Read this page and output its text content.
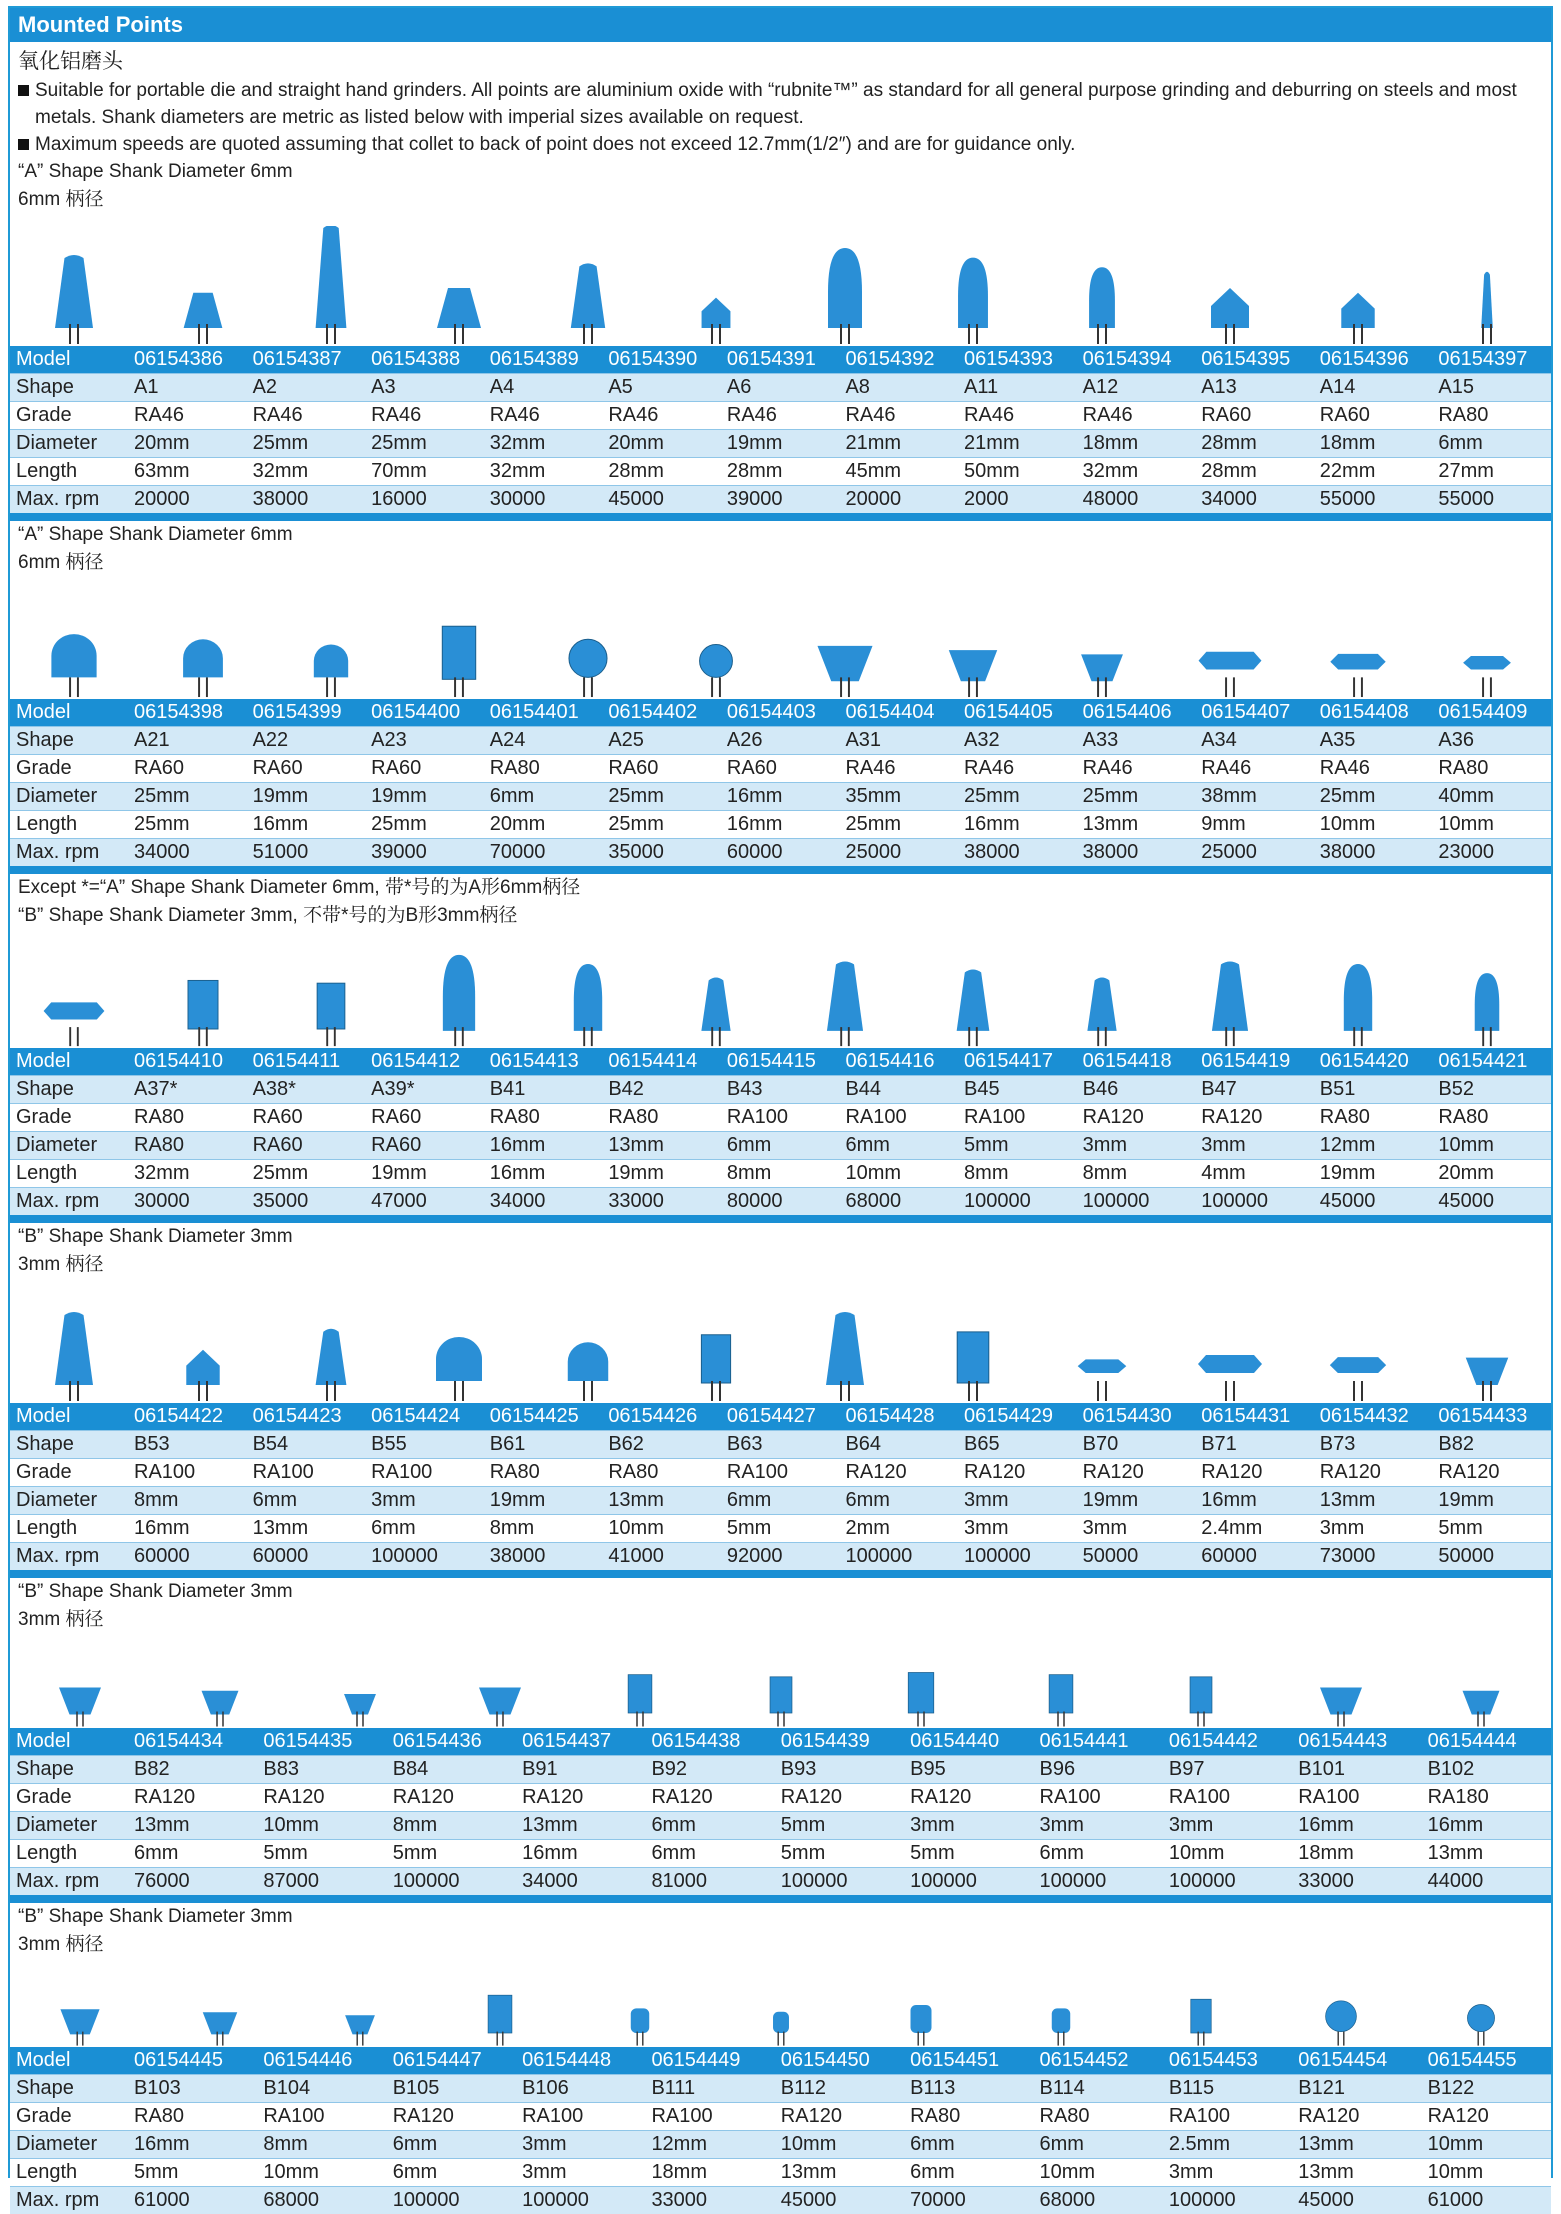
Mounted Points
氧化铝磨头
Suitable for portable die and straight hand grinders. All points are aluminium oxide with “rubnite™” as standard for all general purpose grinding and deburring on steels and most metals. Shank diameters are metric as listed below with imperial sizes available on request.
Maximum speeds are quoted assuming that collet to back of point does not exceed 12.7mm(1/2″) and are for guidance only.
“A” Shape Shank Diameter 6mm
6mm 柄径
Model	06154386	06154387	06154388	06154389	06154390	06154391	06154392	06154393	06154394	06154395	06154396	06154397
Shape	A1	A2	A3	A4	A5	A6	A8	A11	A12	A13	A14	A15
Grade	RA46	RA46	RA46	RA46	RA46	RA46	RA46	RA46	RA46	RA60	RA60	RA80
Diameter	20mm	25mm	25mm	32mm	20mm	19mm	21mm	21mm	18mm	28mm	18mm	6mm
Length	63mm	32mm	70mm	32mm	28mm	28mm	45mm	50mm	32mm	28mm	22mm	27mm
Max. rpm	20000	38000	16000	30000	45000	39000	20000	2000	48000	34000	55000	55000
“A” Shape Shank Diameter 6mm
6mm 柄径
Model	06154398	06154399	06154400	06154401	06154402	06154403	06154404	06154405	06154406	06154407	06154408	06154409
Shape	A21	A22	A23	A24	A25	A26	A31	A32	A33	A34	A35	A36
Grade	RA60	RA60	RA60	RA80	RA60	RA60	RA46	RA46	RA46	RA46	RA46	RA80
Diameter	25mm	19mm	19mm	6mm	25mm	16mm	35mm	25mm	25mm	38mm	25mm	40mm
Length	25mm	16mm	25mm	20mm	25mm	16mm	25mm	16mm	13mm	9mm	10mm	10mm
Max. rpm	34000	51000	39000	70000	35000	60000	25000	38000	38000	25000	38000	23000
Except *=“A” Shape Shank Diameter 6mm, 带*号的为A形6mm柄径
“B” Shape Shank Diameter 3mm, 不带*号的为B形3mm柄径
Model	06154410	06154411	06154412	06154413	06154414	06154415	06154416	06154417	06154418	06154419	06154420	06154421
Shape	A37*	A38*	A39*	B41	B42	B43	B44	B45	B46	B47	B51	B52
Grade	RA80	RA60	RA60	RA80	RA80	RA100	RA100	RA100	RA120	RA120	RA80	RA80
Diameter	RA80	RA60	RA60	16mm	13mm	6mm	6mm	5mm	3mm	3mm	12mm	10mm
Length	32mm	25mm	19mm	16mm	19mm	8mm	10mm	8mm	8mm	4mm	19mm	20mm
Max. rpm	30000	35000	47000	34000	33000	80000	68000	100000	100000	100000	45000	45000
“B” Shape Shank Diameter 3mm
3mm 柄径
Model	06154422	06154423	06154424	06154425	06154426	06154427	06154428	06154429	06154430	06154431	06154432	06154433
Shape	B53	B54	B55	B61	B62	B63	B64	B65	B70	B71	B73	B82
Grade	RA100	RA100	RA100	RA80	RA80	RA100	RA120	RA120	RA120	RA120	RA120	RA120
Diameter	8mm	6mm	3mm	19mm	13mm	6mm	6mm	3mm	19mm	16mm	13mm	19mm
Length	16mm	13mm	6mm	8mm	10mm	5mm	2mm	3mm	3mm	2.4mm	3mm	5mm
Max. rpm	60000	60000	100000	38000	41000	92000	100000	100000	50000	60000	73000	50000
“B” Shape Shank Diameter 3mm
3mm 柄径
Model	06154434	06154435	06154436	06154437	06154438	06154439	06154440	06154441	06154442	06154443	06154444
Shape	B82	B83	B84	B91	B92	B93	B95	B96	B97	B101	B102
Grade	RA120	RA120	RA120	RA120	RA120	RA120	RA120	RA100	RA100	RA100	RA180
Diameter	13mm	10mm	8mm	13mm	6mm	5mm	3mm	3mm	3mm	16mm	16mm
Length	6mm	5mm	5mm	16mm	6mm	5mm	5mm	6mm	10mm	18mm	13mm
Max. rpm	76000	87000	100000	34000	81000	100000	100000	100000	100000	33000	44000
“B” Shape Shank Diameter 3mm
3mm 柄径
Model	06154445	06154446	06154447	06154448	06154449	06154450	06154451	06154452	06154453	06154454	06154455
Shape	B103	B104	B105	B106	B111	B112	B113	B114	B115	B121	B122
Grade	RA80	RA100	RA120	RA100	RA100	RA120	RA80	RA80	RA100	RA120	RA120
Diameter	16mm	8mm	6mm	3mm	12mm	10mm	6mm	6mm	2.5mm	13mm	10mm
Length	5mm	10mm	6mm	3mm	18mm	13mm	6mm	10mm	3mm	13mm	10mm
Max. rpm	61000	68000	100000	100000	33000	45000	70000	68000	100000	45000	61000
